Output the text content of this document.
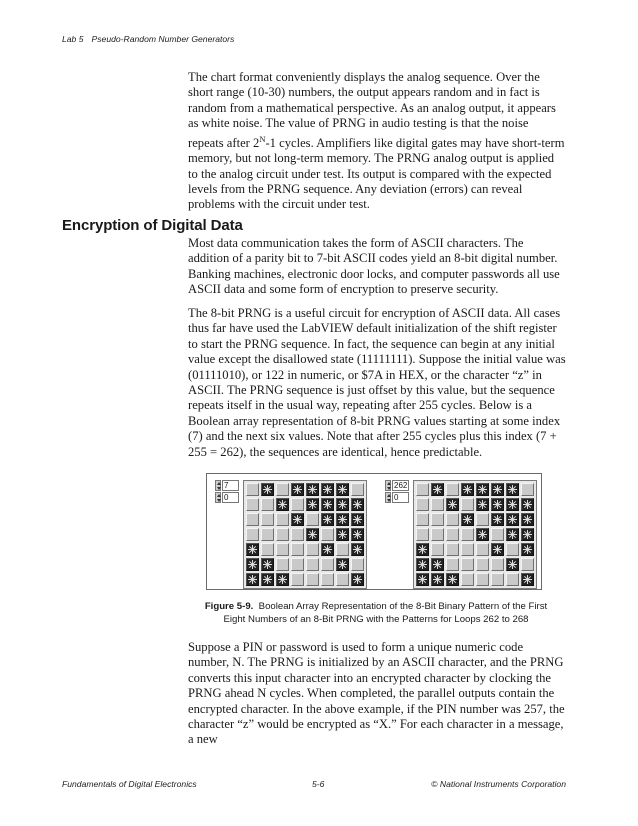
Lab 5 Pseudo-Random Number Generators

The chart format conveniently displays the analog sequence. Over the short range (10-30) numbers, the output appears random and in fact is random from a mathematical perspective. As an analog output, it appears as white noise. The value of PRNG in audio testing is that the noise repeats after $2^N-1$ cycles. Amplifiers like digital gates may have short-term memory, but not long-term memory. The PRNG analog output is applied to the analog circuit under test. Its output is compared with the expected levels from the PRNG sequence. Any deviation (errors) can reveal problems with the circuit under test.

Encryption of Digital Data

Most data communication takes the form of ASCII characters. The addition of a parity bit to 7-bit ASCII codes yield an 8-bit digital number. Banking machines, electronic door locks, and computer passwords all use ASCII data and some form of encryption to preserve security.

The 8-bit PRNG is a useful circuit for encryption of ASCII data. All cases thus far have used the LabVIEW default initialization of the shift register to start the PRNG sequence. In fact, the sequence can begin at any initial value except the disallowed state (11111111). Suppose the initial value was (01111010), or 122 in numeric, or $7A in HEX, or the character “z” in ASCII. The PRNG sequence is just offset by this value, but the sequence repeats itself in the usual way, repeating after 255 cycles. Below is a Boolean array representation of 8-bit PRNG values starting at some index (7) and the next six values. Note that after 255 cycles plus this index (7 + 255 = 262), the sequences are identical, hence predictable.

7
0
262
0

Figure 5-9. Boolean Array Representation of the 8-Bit Binary Pattern of the First Eight Numbers of an 8-Bit PRNG with the Patterns for Loops 262 to 268

Suppose a PIN or password is used to form a unique numeric code number, N. The PRNG is initialized by an ASCII character, and the PRNG converts this input character into an encrypted character by clocking the PRNG ahead N cycles. When completed, the parallel outputs contain the encrypted character. In the above example, if the PIN number was 257, the character “z” would be encrypted as “X.” For each character in a message, a new

Fundamentals of Digital Electronics	5-6	© National Instruments Corporation
